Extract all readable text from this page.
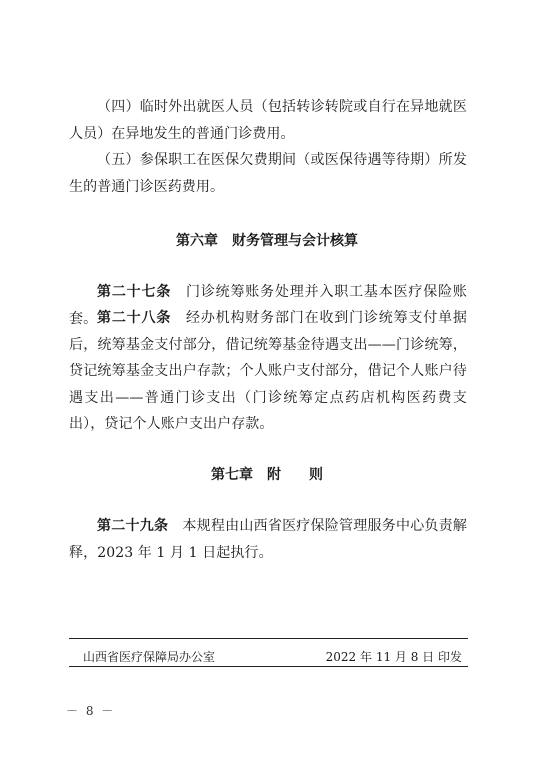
（四）临时外出就医人员（包括转诊转院或自行在异地就医人员）在异地发生的普通门诊费用。

（五）参保职工在医保欠费期间（或医保待遇等待期）所发生的普通门诊医药费用。

第六章　财务管理与会计核算

第二十七条　门诊统筹账务处理并入职工基本医疗保险账套。 第二十八条　经办机构财务部门在收到门诊统筹支付单据后，统筹基金支付部分，借记统筹基金待遇支出——门诊统筹，贷记统筹基金支出户存款；个人账户支付部分，借记个人账户待遇支出——普通门诊支出（门诊统筹定点药店机构医药费支出），贷记个人账户支出户存款。

第七章　附　　则

第二十九条　本规程由山西省医疗保险管理服务中心负责解释，2023 年 1 月 1 日起执行。

山西省医疗保障局办公室	2022 年 11 月 8 日 印发
－ 8 －
